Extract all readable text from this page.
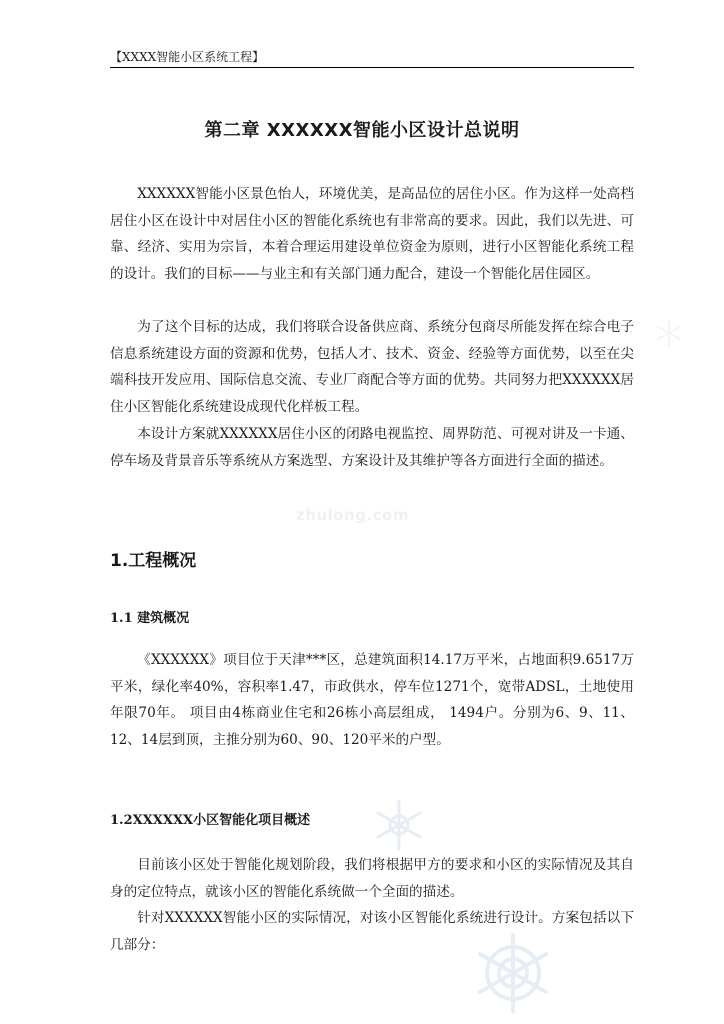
【XXXX智能小区系统工程】
第二章 XXXXXX智能小区设计总说明

XXXXXX智能小区景色怡人，环境优美，是高品位的居住小区。作为这样一处高档居住小区在设计中对居住小区的智能化系统也有非常高的要求。因此，我们以先进、可靠、经济、实用为宗旨，本着合理运用建设单位资金为原则，进行小区智能化系统工程的设计。我们的目标——与业主和有关部门通力配合，建设一个智能化居住园区。

为了这个目标的达成，我们将联合设备供应商、系统分包商尽所能发挥在综合电子信息系统建设方面的资源和优势，包括人才、技术、资金、经验等方面优势，以至在尖端科技开发应用、国际信息交流、专业厂商配合等方面的优势。共同努力把XXXXXX居住小区智能化系统建设成现代化样板工程。

本设计方案就XXXXXX居住小区的闭路电视监控、周界防范、可视对讲及一卡通、停车场及背景音乐等系统从方案选型、方案设计及其维护等各方面进行全面的描述。

zhulong.com
1.工程概况
1.1 建筑概况

《XXXXXX》项目位于天津***区，总建筑面积14.17万平米，占地面积9.6517万平米，绿化率40%，容积率1.47，市政供水，停车位1271个，宽带ADSL，土地使用年限70年。 项目由4栋商业住宅和26栋小高层组成， 1494户。分别为6、9、11、12、14层到顶，主推分别为60、90、120平米的户型。

1.2XXXXXX小区智能化项目概述

目前该小区处于智能化规划阶段，我们将根据甲方的要求和小区的实际情况及其自身的定位特点，就该小区的智能化系统做一个全面的描述。

针对XXXXXX智能小区的实际情况，对该小区智能化系统进行设计。方案包括以下几部分：
